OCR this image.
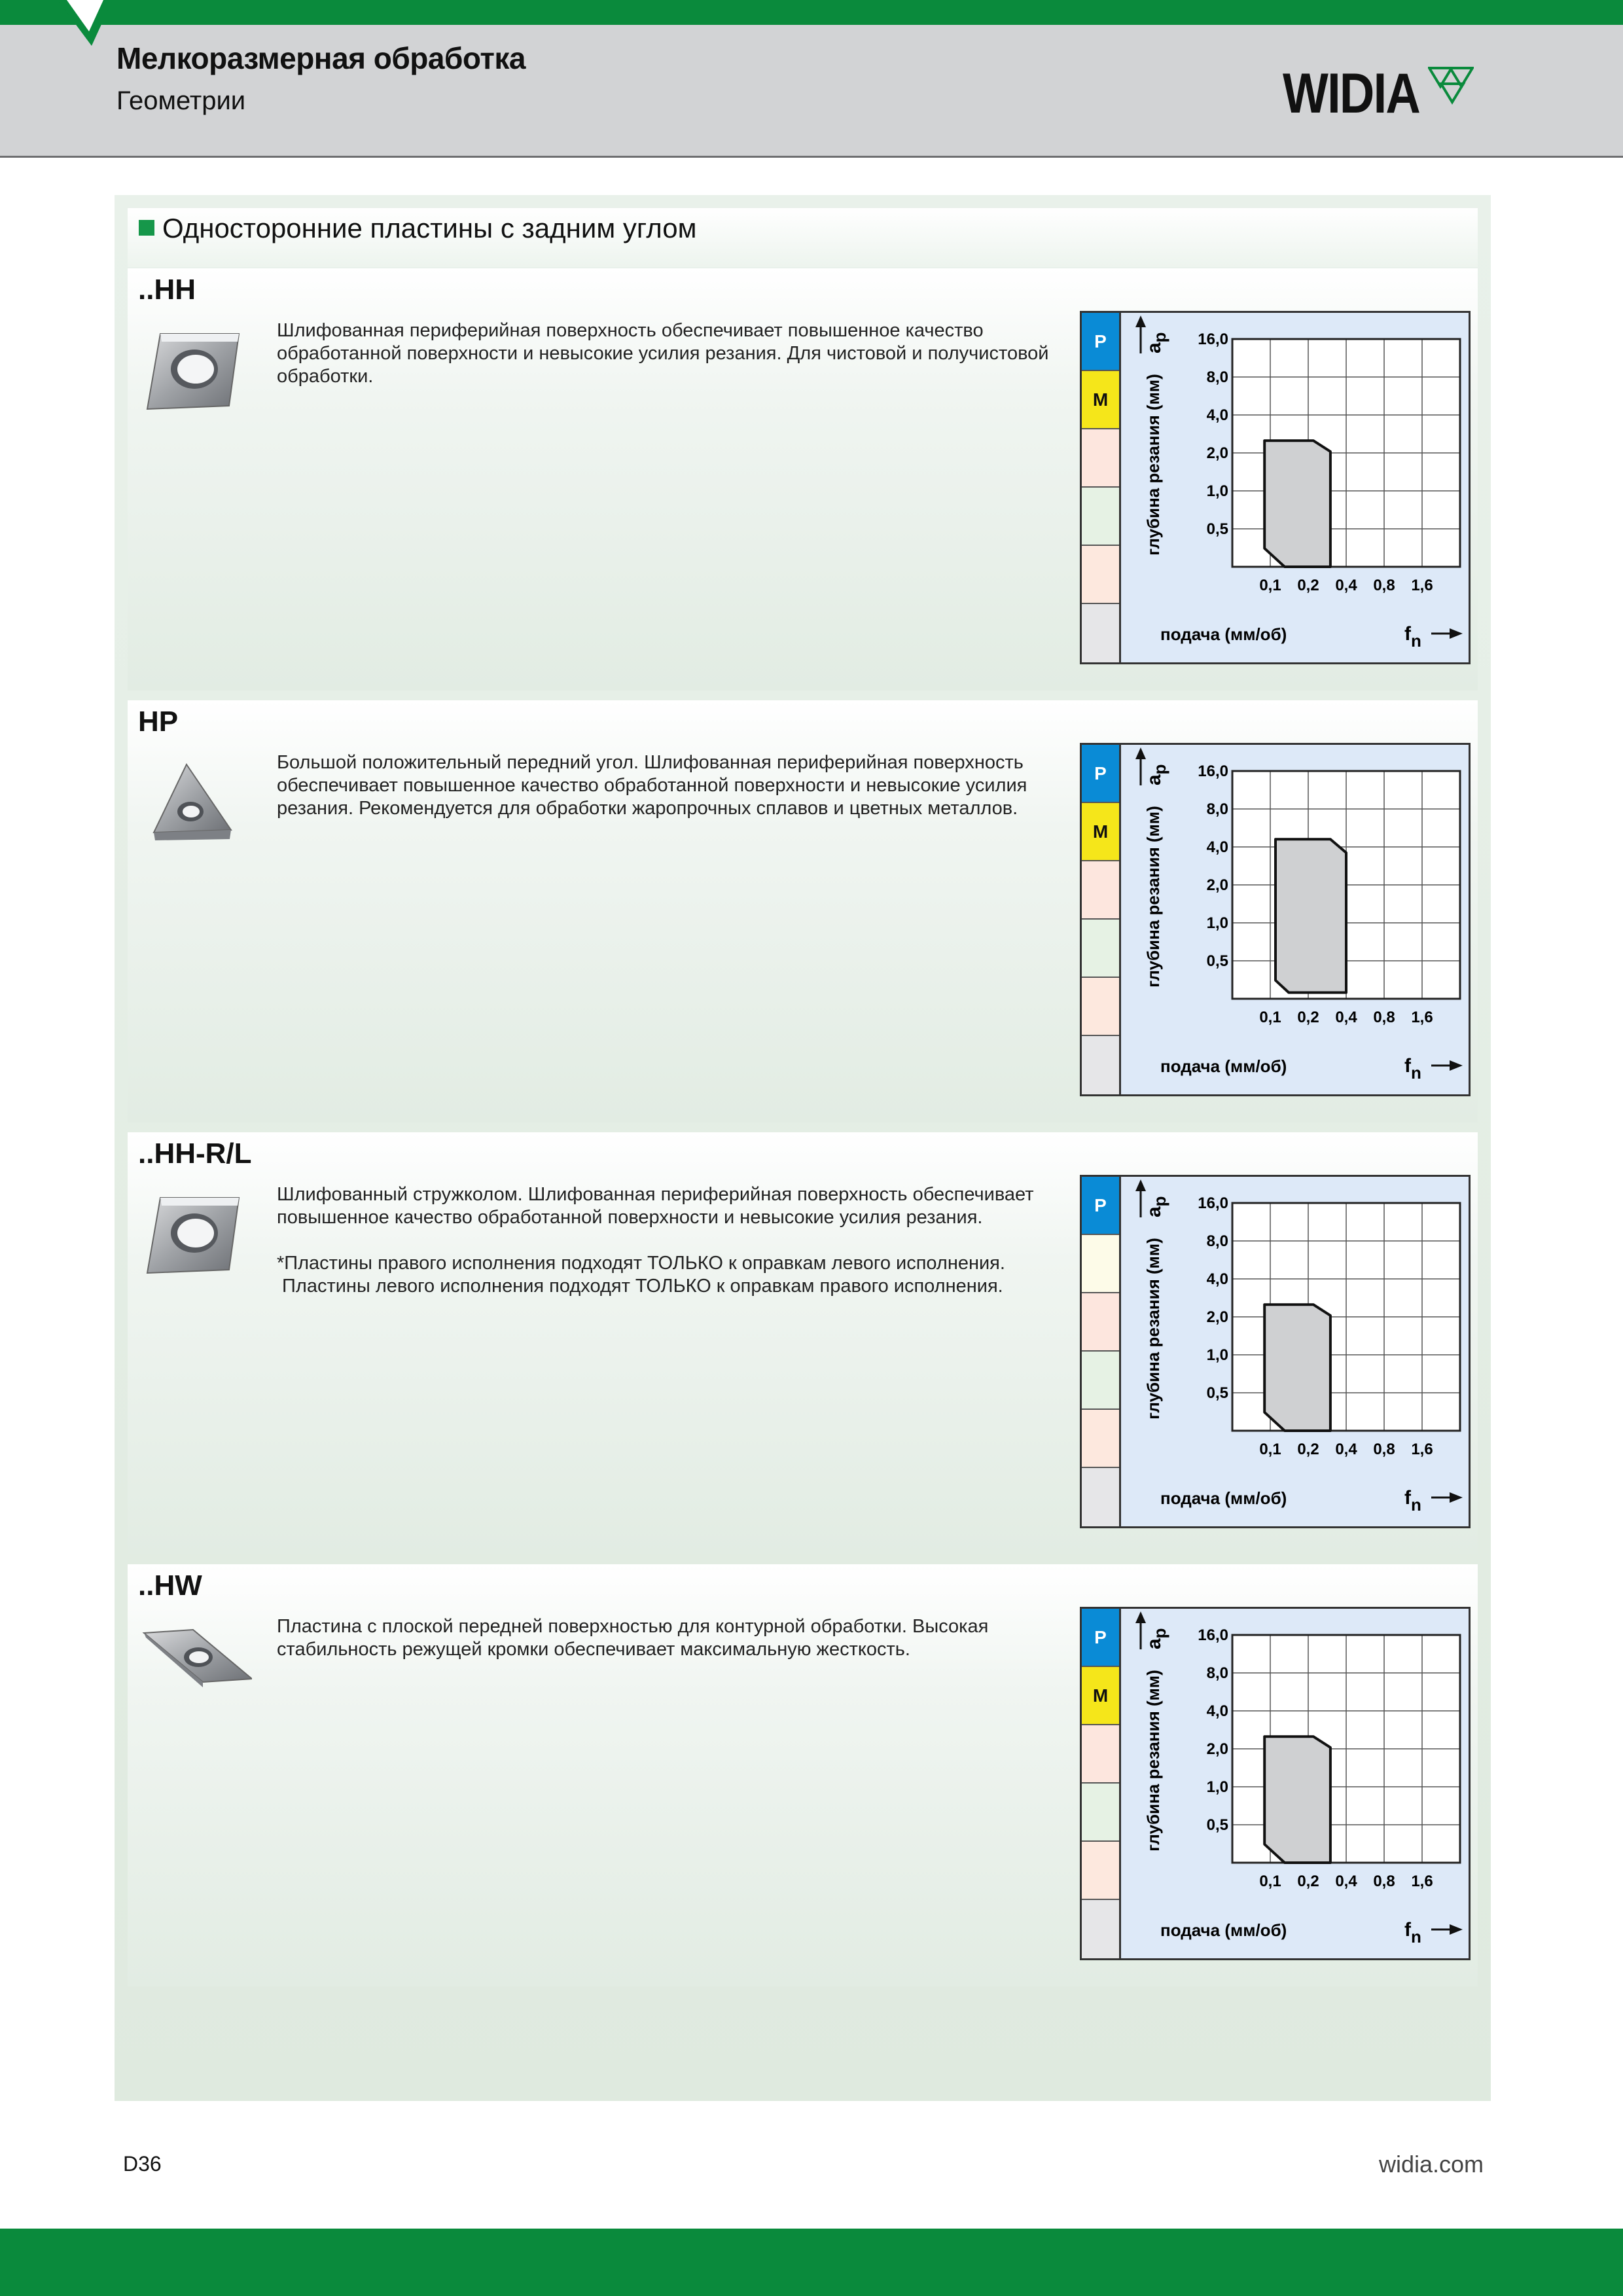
Мелкоразмерная обработка
Геометрии	WIDIA
Односторонние пластины с задним углом
..HH
Шлифованная периферийная поверхность обеспечивает повышенное качество
обработанной поверхности и невысокие усилия резания. Для чистовой и получистовой
обработки.
P
M
16,0
8,0
4,0
2,0
1,0
0,5
0,1 0,2 0,4 0,8 1,6
глубина резания (мм)
ap
подача (мм/об)	fn
HP
Большой положительный передний угол. Шлифованная периферийная поверхность
обеспечивает повышенное качество обработанной поверхности и невысокие усилия
резания. Рекомендуется для обработки жаропрочных сплавов и цветных металлов.
P
M
16,0
8,0
4,0
2,0
1,0
0,5
0,1 0,2 0,4 0,8 1,6
глубина резания (мм)
ap
подача (мм/об)	fn
..HH-R/L
Шлифованный стружколом. Шлифованная периферийная поверхность обеспечивает
повышенное качество обработанной поверхности и невысокие усилия резания.
*Пластины правого исполнения подходят ТОЛЬКО к оправкам левого исполнения.
Пластины левого исполнения подходят ТОЛЬКО к оправкам правого исполнения.
P	16,0
8,0
4,0
2,0
1,0
0,5
0,1 0,2 0,4 0,8 1,6
глубина резания (мм)
ap
подача (мм/об)	fn
..HW
Пластина с плоской передней поверхностью для контурной обработки. Высокая
стабильность режущей кромки обеспечивает максимальную жесткость.
P
M
16,0
8,0
4,0
2,0
1,0
0,5
0,1 0,2 0,4 0,8 1,6
глубина резания (мм)
ap
подача (мм/об)	fn
D36	widia.com
